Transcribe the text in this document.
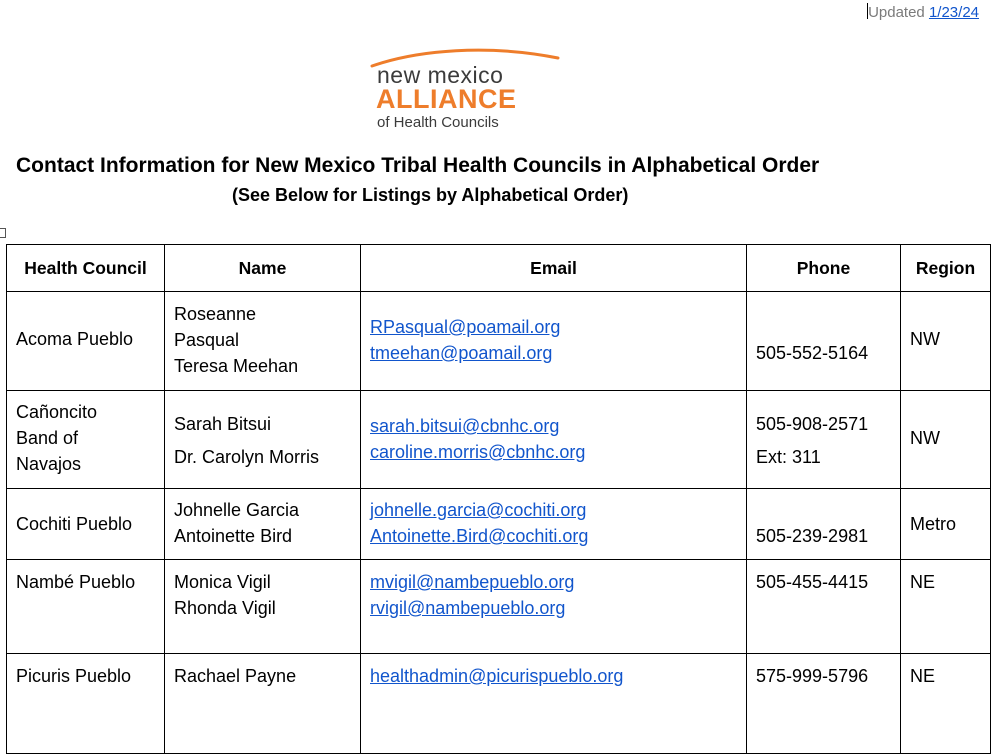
Updated 1/23/24
new mexico
ALLIANCE
of Health Councils
Contact Information for New Mexico Tribal Health Councils in Alphabetical Order
(See Below for Listings by Alphabetical Order)
Health Council	Name	Email	Phone	Region

Acoma Pueblo	Roseanne
Pasqual
Teresa Meehan	RPasqual@poamail.org
tmeehan@poamail.org	505-552-5164	NW

Cañoncito
Band of
Navajos	Sarah Bitsui
Dr. Carolyn Morris	sarah.bitsui@cbnhc.org
caroline.morris@cbnhc.org	505-908-2571
Ext: 311	NW

Cochiti Pueblo	Johnelle Garcia
Antoinette Bird	johnelle.garcia@cochiti.org
Antoinette.Bird@cochiti.org	505-239-2981	Metro

Nambé Pueblo	Monica Vigil
Rhonda Vigil	mvigil@nambepueblo.org
rvigil@nambepueblo.org	505-455-4415	NE

Picuris Pueblo	Rachael Payne	healthadmin@picurispueblo.org	575-999-5796	NE
